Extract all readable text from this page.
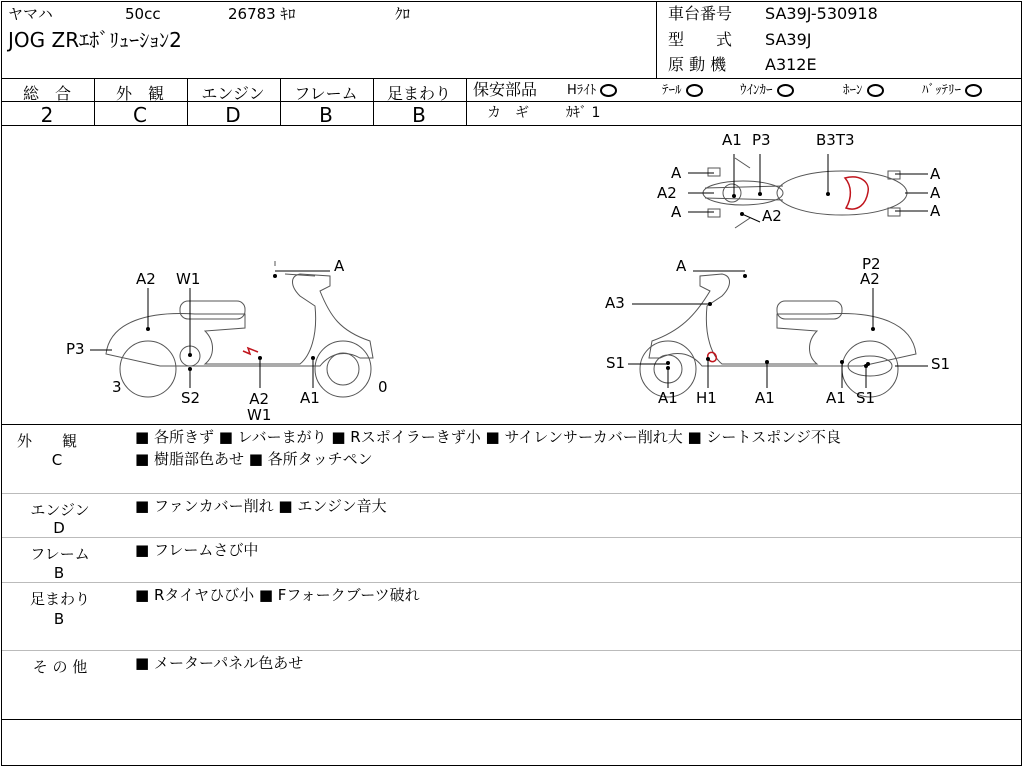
ヤマハ	50cc	26783 ｷﾛ	ｸﾛ
JOG ZRｴﾎﾞﾘｭｰｼｮﾝ2
車台番号 SA39J-530918
型　　式 SA39J
原 動 機 A312E
総　合	外　観	エンジン	フレーム	足まわり
2	C	D	B	B
保安部品 Hﾗｲﾄ	ﾃｰﾙ	ｳｲﾝｶｰ	ﾎｰﾝ	ﾊﾞｯﾃﾘｰ
カ　ギ	ｶｷﾞ 1
A1 P3	B3T3
A
A2
A	A2
A
A
A
A
A2 W1
P3
3	0
S2	A2
W1
A1
A	P2
A2
A3
S1	S1
A1 H1	A1	A1 S1
外　　観
C
■ 各所きず ■ レバーまがり ■ Rスポイラーきず小 ■ サイレンサーカバー削れ大 ■ シートスポンジ不良
■ 樹脂部色あせ ■ 各所タッチペン
エンジン
D
■ ファンカバー削れ ■ エンジン音大
フレーム
B
■ フレームさび中
足まわり
B
■ Rタイヤひび小 ■ Fフォークブーツ破れ
そ の 他	■ メーターパネル色あせ
